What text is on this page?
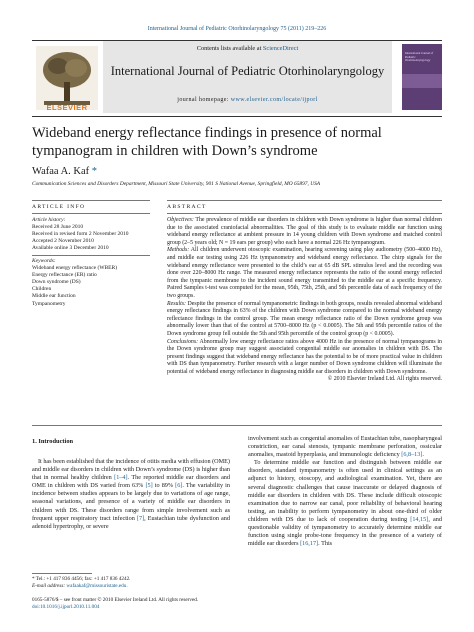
International Journal of Pediatric Otorhinolaryngology 75 (2011) 219–226
ELSEVIER
Contents lists available at ScienceDirect
International Journal of Pediatric Otorhinolaryngology
journal homepage: www.elsevier.com/locate/ijporl
International Journal of Pediatric Otorhinolaryngology
Wideband energy reflectance findings in presence of normal tympanogram in children with Down’s syndrome
Wafaa A. Kaf *
Communication Sciences and Disorders Department, Missouri State University, 901 S National Avenue, Springfield, MO 65897, USA
ARTICLE INFO
Article history:
Received 28 June 2010
Received in revised form 2 November 2010
Accepted 2 November 2010
Available online 3 December 2010
Keywords:
Wideband energy reflectance (WBER)
Energy reflectance (ER) ratio
Down syndrome (DS)
Children
Middle ear function
Tympanometry
ABSTRACT
Objectives: The prevalence of middle ear disorders in children with Down syndrome is higher than normal children due to the associated craniofacial abnormalities. The goal of this study is to evaluate middle ear function using wideband energy reflectance at ambient pressure in 14 young children with Down syndrome and matched control group (2–5 years old; N = 19 ears per group) who each have a normal 226 Hz tympanogram.
Methods: All children underwent otoscopic examination, hearing screening using play audiometry (500–4000 Hz), and middle ear testing using 226 Hz tympanometry and wideband energy reflectance. The chirp signals for the wideband energy reflectance were presented to the child’s ear at 65 dB SPL stimulus level and the recording was done over 220–8000 Hz range. The measured energy reflectance represents the ratio of the sound energy reflected from the tympanic membrane to the incident sound energy transmitted to the middle ear at a specific frequency. Paired Samples t-test was computed for the mean, 95th, 75th, 25th, and 5th percentile data of each frequency of the two groups.
Results: Despite the presence of normal tympanometric findings in both groups, results revealed abnormal wideband energy reflectance findings in 63% of the children with Down syndrome compared to the normal wideband energy reflectance findings in the control group. The mean energy reflectance ratio of the Down syndrome group was abnormally lower than that of the control at 5700–8000 Hz (p < 0.0005). The 5th and 95th percentile ratios of the Down syndrome group fell outside the 5th and 95th percentile of the control group (p < 0.0005).
Conclusions: Abnormally low energy reflectance ratios above 4000 Hz in the presence of normal tympanograms in the Down syndrome group may suggest associated congenital middle ear anomalies in children with DS. The present findings suggest that wideband energy reflectance has the potential to be of more practical value in children with DS than tympanometry. Further research with a larger number of Down syndrome children will illuminate the potential of wideband energy reflectance in diagnosing middle ear disorders in children with Down syndrome.
© 2010 Elsevier Ireland Ltd. All rights reserved.
1. Introduction
It has been established that the incidence of otitis media with effusion (OME) and middle ear disorders in children with Down’s syndrome (DS) is higher than that in normal healthy children [1–4]. The reported middle ear disorders and OME in children with DS varied from 63% [5] to 89% [6]. The variability in incidence between studies appears to be largely due to variations of age range, seasonal variations, and presence of a variety of middle ear disorders in children with DS. These disorders range from simple involvement such as frequent upper respiratory tract infection [7], Eustachian tube dysfunction and adenoid hypertrophy, or severe
involvement such as congenital anomalies of Eustachian tube, nasopharyngeal constriction, ear canal stenosis, tympanic membrane perforation, ossicular anomalies, mastoid hyperplasia, and immunologic deficiency [6,8–13].
To determine middle ear function and distinguish between middle ear disorders, standard tympanometry is often used in clinical settings as an adjunct to history, otoscopy, and audiological examination. Yet, there are several diagnostic challenges that cause inaccurate or delayed diagnosis of middle ear disorders in children with DS. These include difficult otoscopic examination due to narrow ear canal, poor reliability of behavioral hearing testing, an inability to perform tympanometry in about one-third of older children with DS due to lack of cooperation during testing [14,15], and questionable validity of tympanometry to accurately determine middle ear function using single probe-tone frequency in the presence of a variety of middle ear disorders [16,17]. This
* Tel.: +1 417 836 4456; fax: +1 417 836 4242.
E-mail address: wafaakaf@missouristate.edu.
0165-5876/$ – see front matter © 2010 Elsevier Ireland Ltd. All rights reserved.
doi:10.1016/j.ijporl.2010.11.004
